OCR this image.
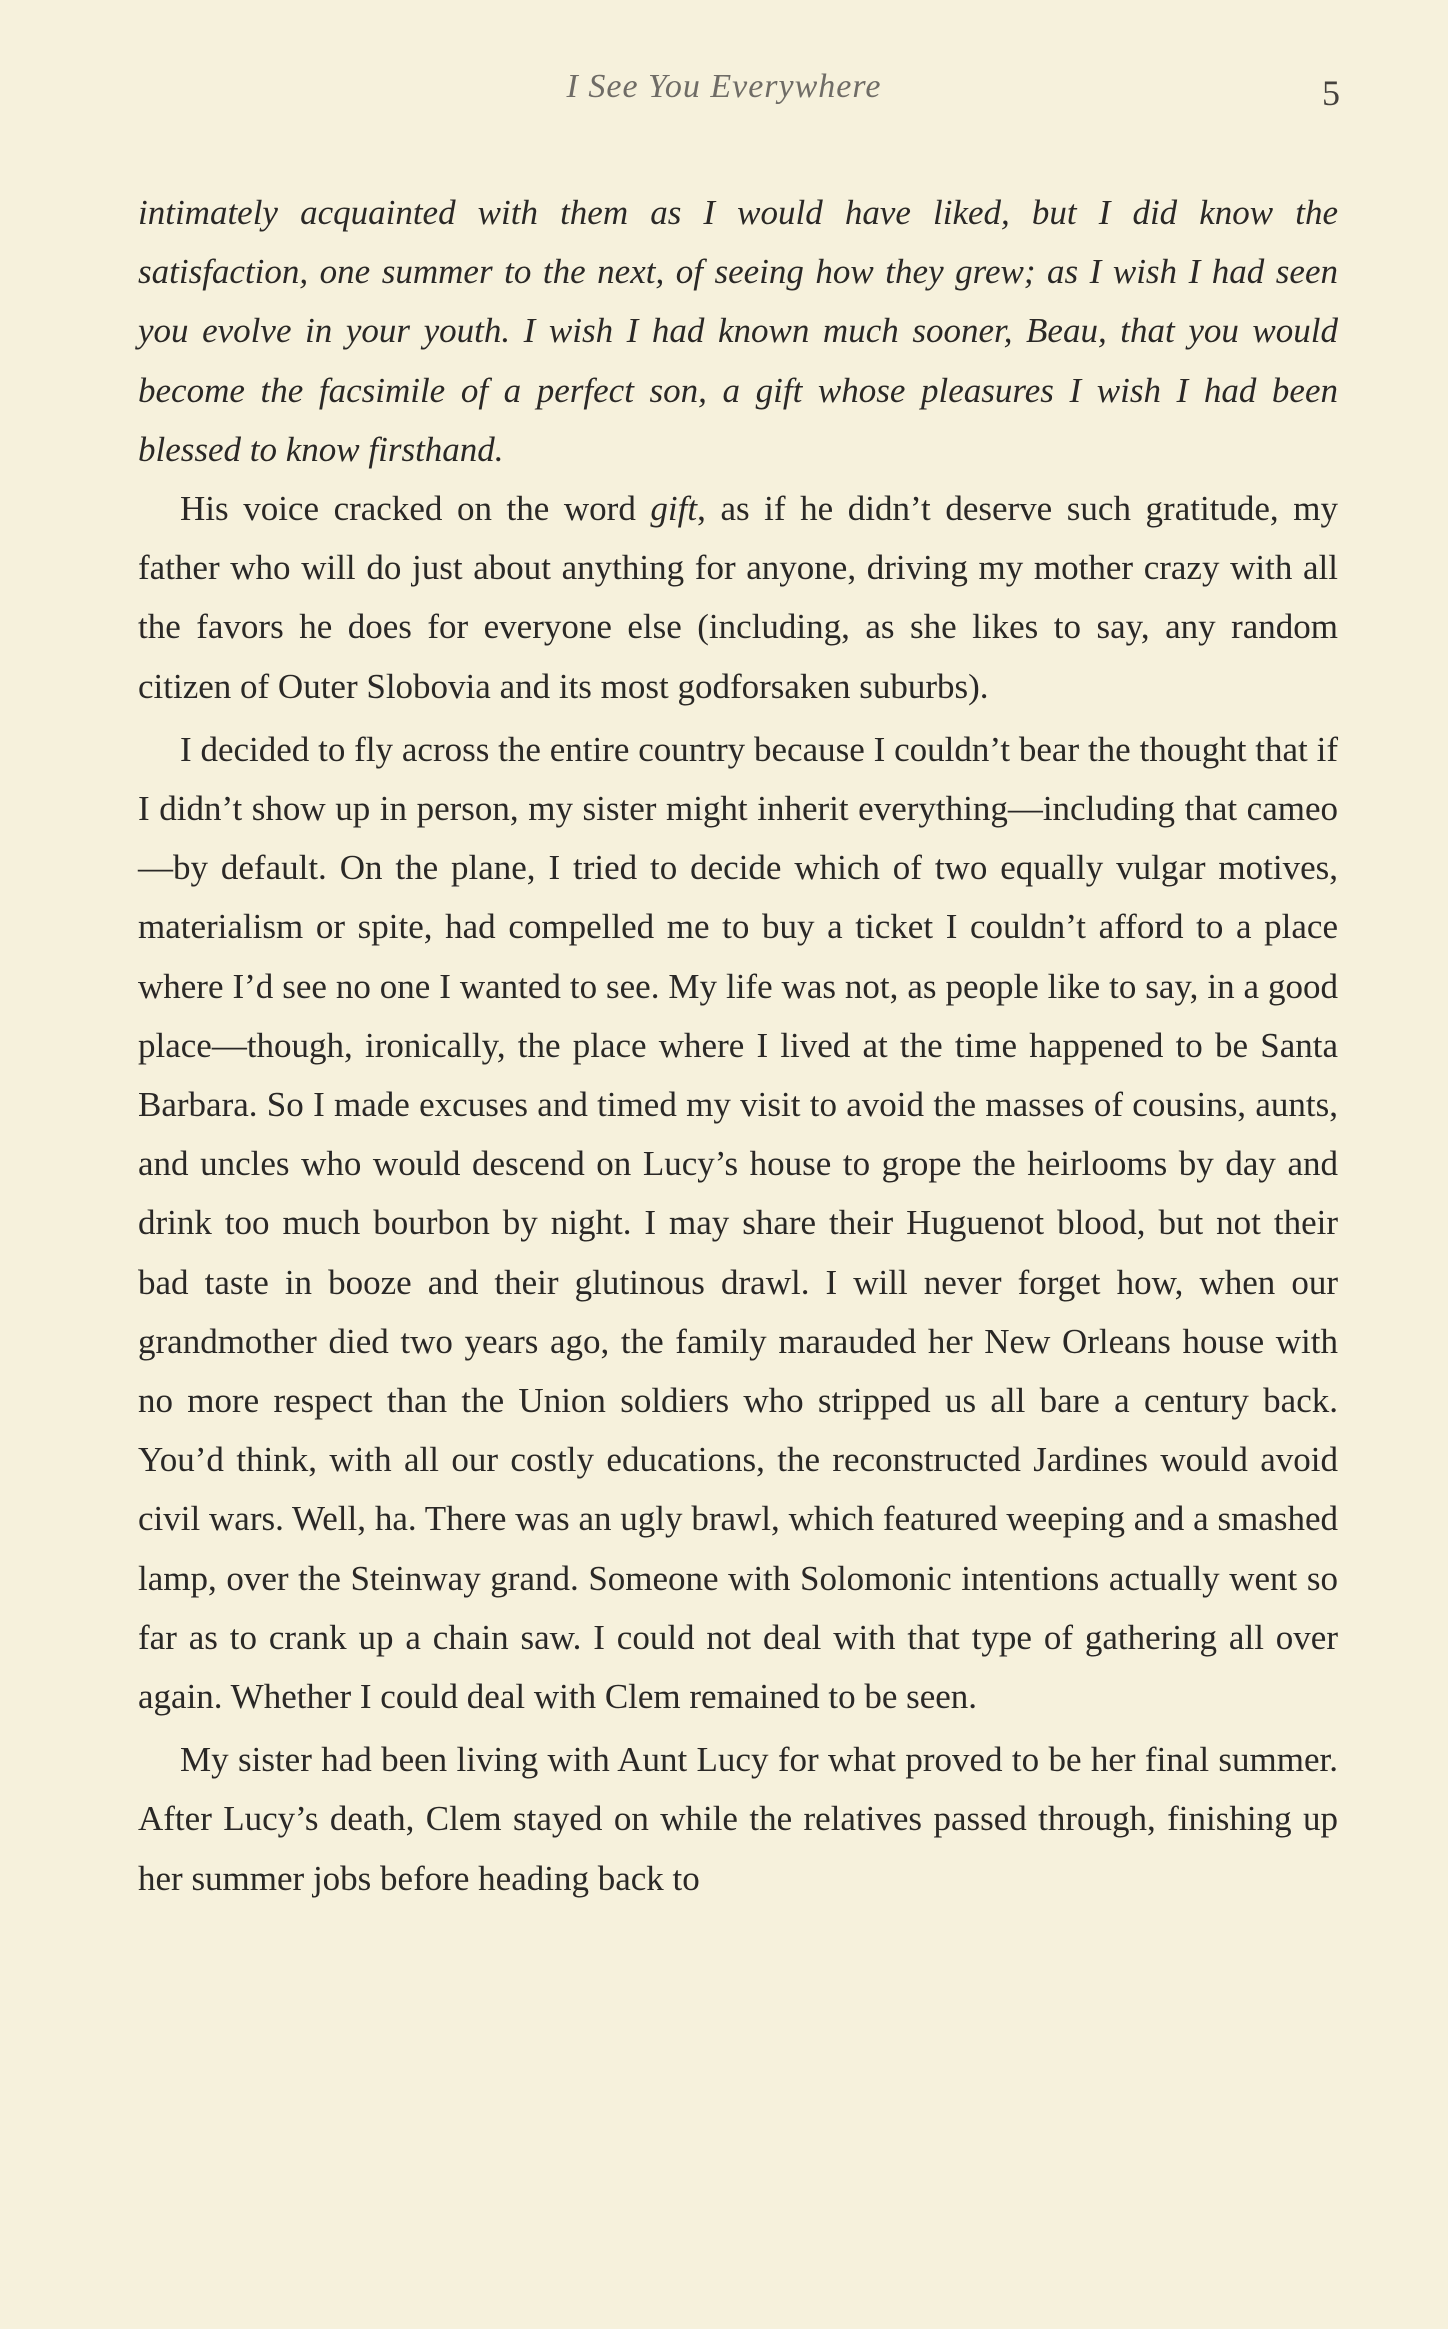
I See You Everywhere	5

intimately acquainted with them as I would have liked, but I did know the satisfaction, one summer to the next, of seeing how they grew; as I wish I had seen you evolve in your youth. I wish I had known much sooner, Beau, that you would become the facsimile of a perfect son, a gift whose pleasures I wish I had been blessed to know firsthand.

His voice cracked on the word gift, as if he didn’t deserve such gratitude, my father who will do just about anything for anyone, driving my mother crazy with all the favors he does for everyone else (including, as she likes to say, any random citizen of Outer Slobovia and its most godforsaken suburbs).

I decided to fly across the entire country because I couldn’t bear the thought that if I didn’t show up in person, my sister might inherit everything—including that cameo—by default. On the plane, I tried to decide which of two equally vulgar motives, materialism or spite, had compelled me to buy a ticket I couldn’t afford to a place where I’d see no one I wanted to see. My life was not, as people like to say, in a good place—though, ironically, the place where I lived at the time happened to be Santa Barbara. So I made excuses and timed my visit to avoid the masses of cousins, aunts, and uncles who would descend on Lucy’s house to grope the heirlooms by day and drink too much bourbon by night. I may share their Huguenot blood, but not their bad taste in booze and their glutinous drawl. I will never forget how, when our grandmother died two years ago, the family marauded her New Orleans house with no more respect than the Union soldiers who stripped us all bare a century back. You’d think, with all our costly educations, the reconstructed Jardines would avoid civil wars. Well, ha. There was an ugly brawl, which featured weeping and a smashed lamp, over the Steinway grand. Someone with Solomonic intentions actually went so far as to crank up a chain saw. I could not deal with that type of gathering all over again. Whether I could deal with Clem remained to be seen.

My sister had been living with Aunt Lucy for what proved to be her final summer. After Lucy’s death, Clem stayed on while the relatives passed through, finishing up her summer jobs before heading back to
